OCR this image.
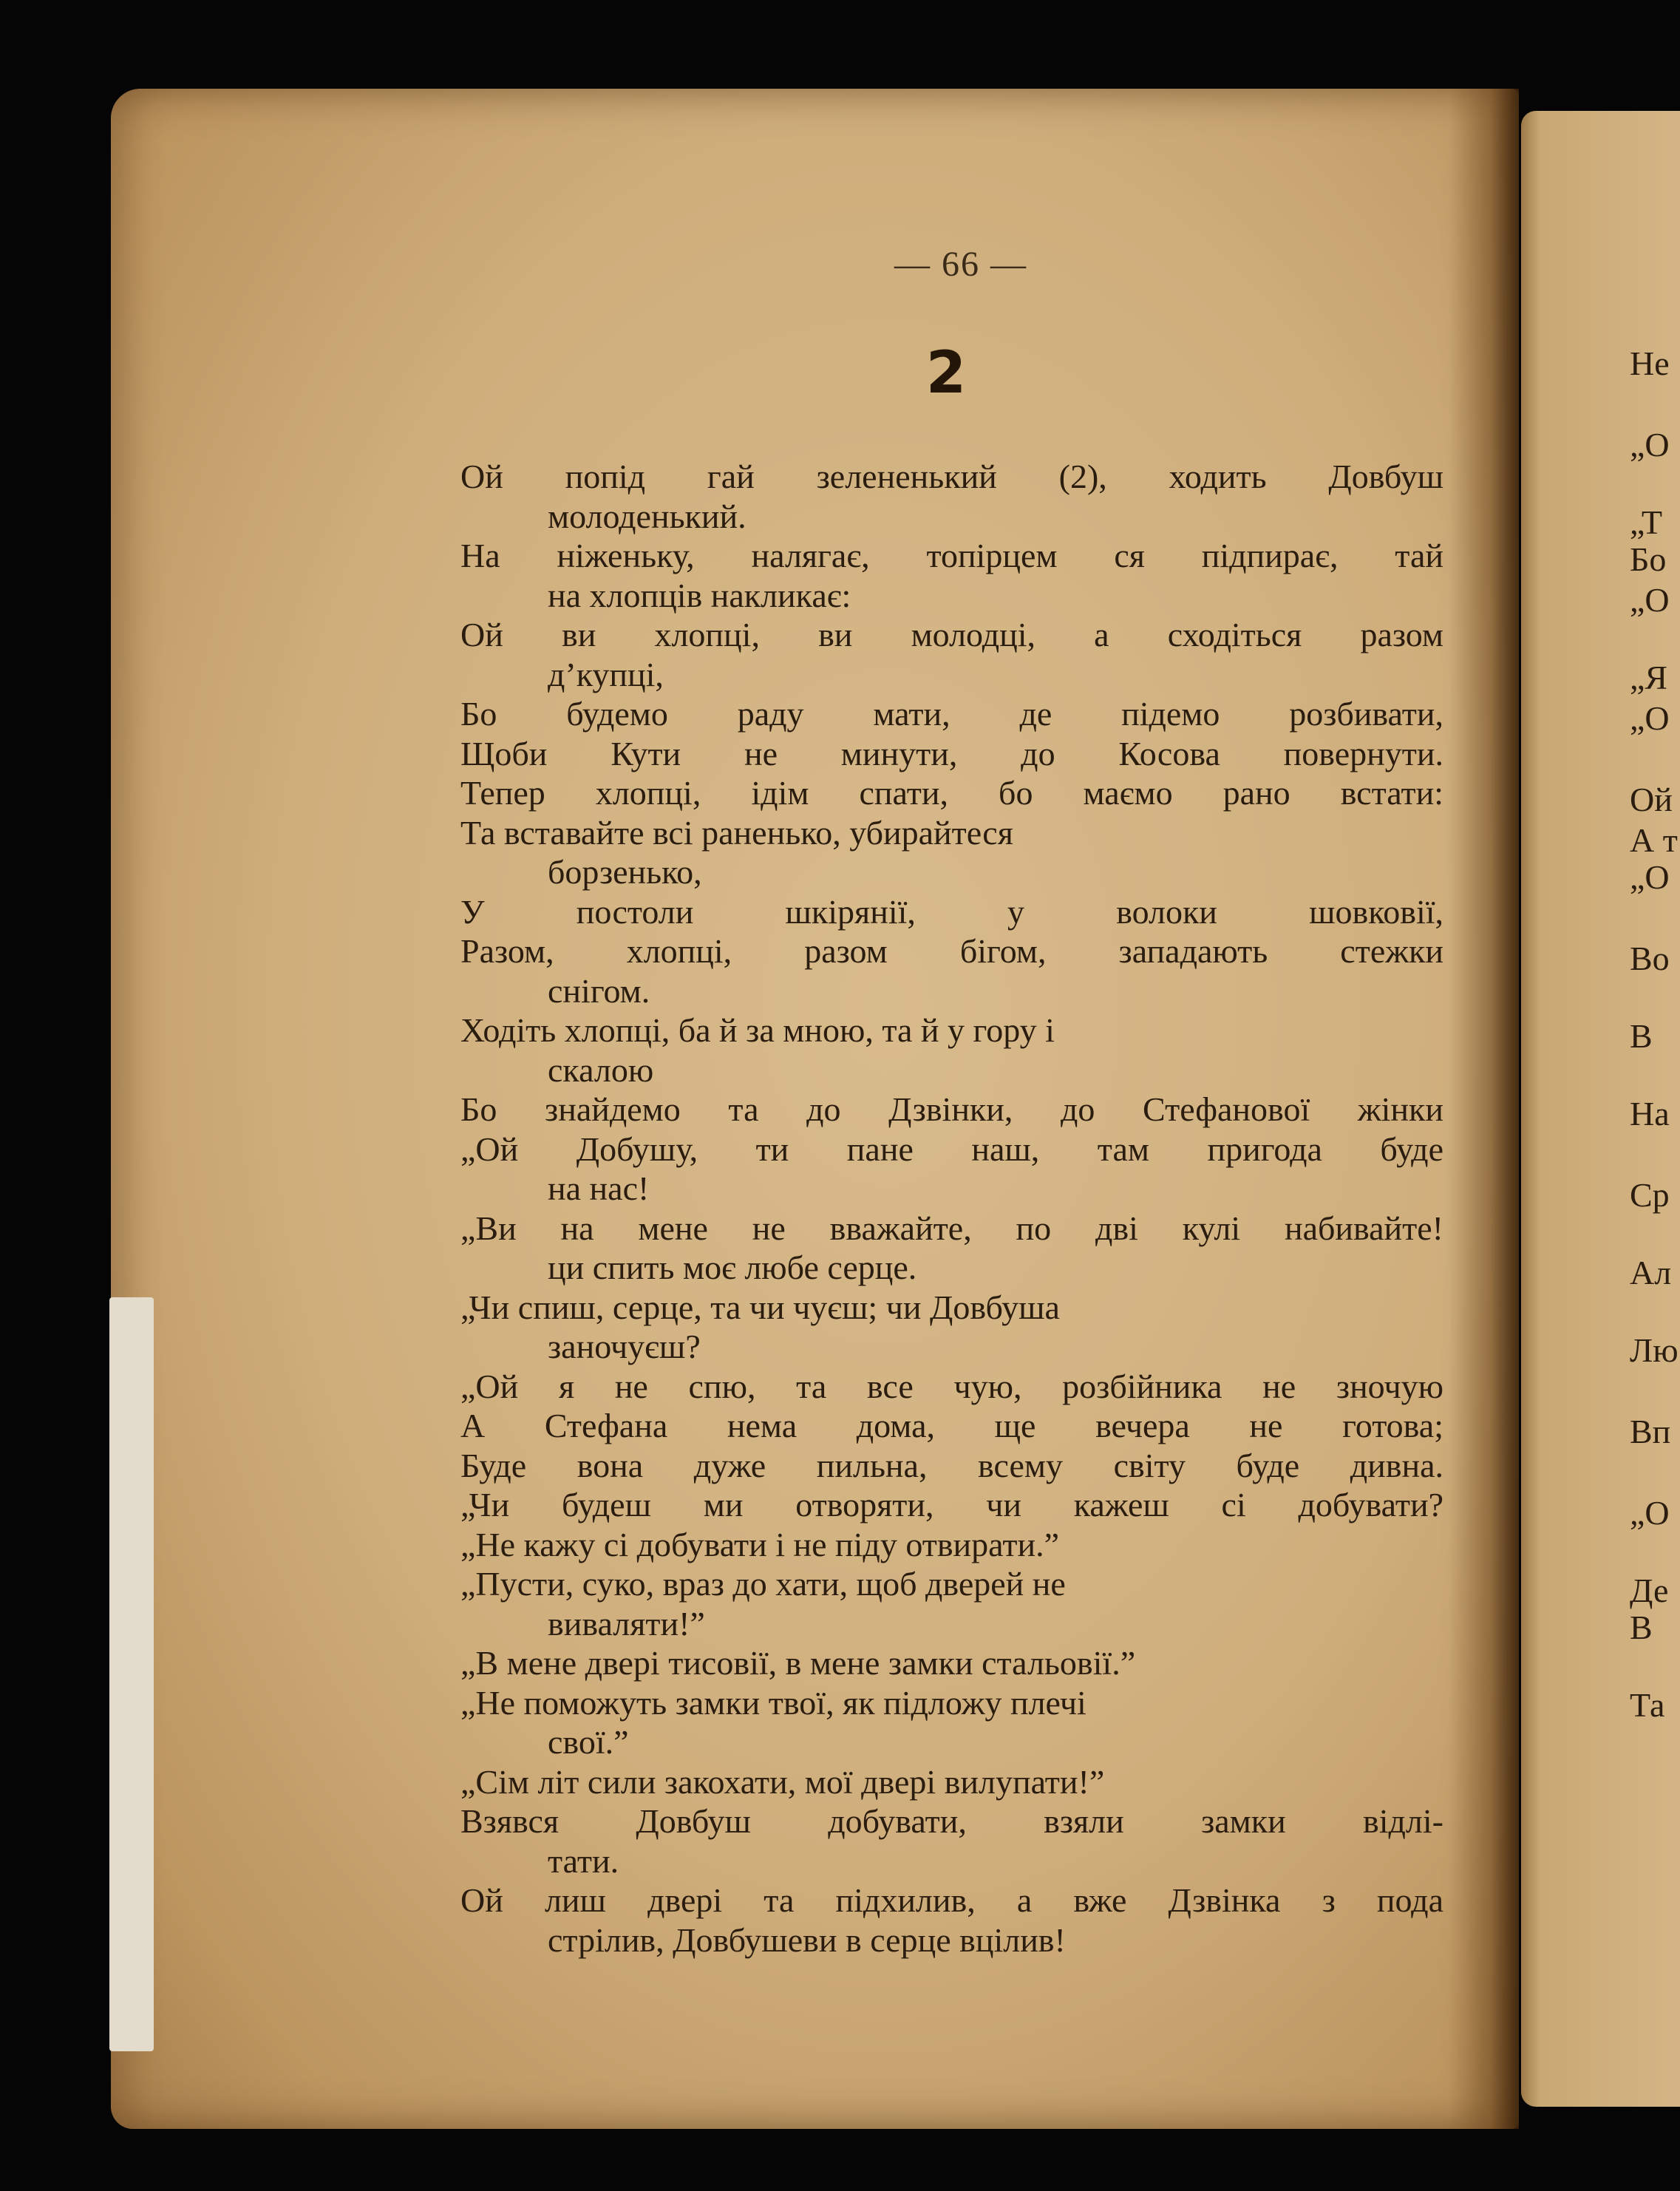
— 66 —
2
Ой попід гай зелененький (2), ходить Довбуш
молоденький.
На ніженьку, налягає, топірцем ся підпирає, тай
на хлопців накликає:
Ой ви хлопці, ви молодці, а сходіться разом
д’купці,
Бо будемо раду мати, де підемо розбивати,
Щоби Кути не минути, до Косова повернути.
Тепер хлопці, ідім спати, бо маємо рано встати:
Та вставайте всі раненько, убирайтеся
борзенько,
У постоли шкірянії, у волоки шовковії,
Разом, хлопці, разом бігом, западають стежки
снігом.
Ходіть хлопці, ба й за мною, та й у гору і
скалою
Бо знайдемо та до Дзвінки, до Стефанової жінки
„Ой Добушу, ти пане наш, там пригода буде
на нас!
„Ви на мене не вважайте, по дві кулі набивайте!
ци спить моє любе серце.
„Чи спиш, серце, та чи чуєш; чи Довбуша
заночуєш?
„Ой я не спю, та все чую, розбійника не зночую
А Стефана нема дома, ще вечера не готова;
Буде вона дуже пильна, всему світу буде дивна.
„Чи будеш ми отворяти, чи кажеш сі добувати?
„Не кажу сі добувати і не піду отвирати.”
„Пусти, суко, враз до хати, щоб дверей не
виваляти!”
„В мене двері тисовії, в мене замки стальовії.”
„Не поможуть замки твої, як підложу плечі
свої.”
„Сім літ сили закохати, мої двері вилупати!”
Взявся Довбуш добувати, взяли замки відлі-
тати.
Ой лиш двері та підхилив, а вже Дзвінка з пода
стрілив, Довбушеви в серце вцілив!
Не
„О
„Т
Бо
„О
„Я
„О
Ой
А т
„О
Во
В
На
Ср
Ал
Лю
Вп
„О
Де
В
Та
